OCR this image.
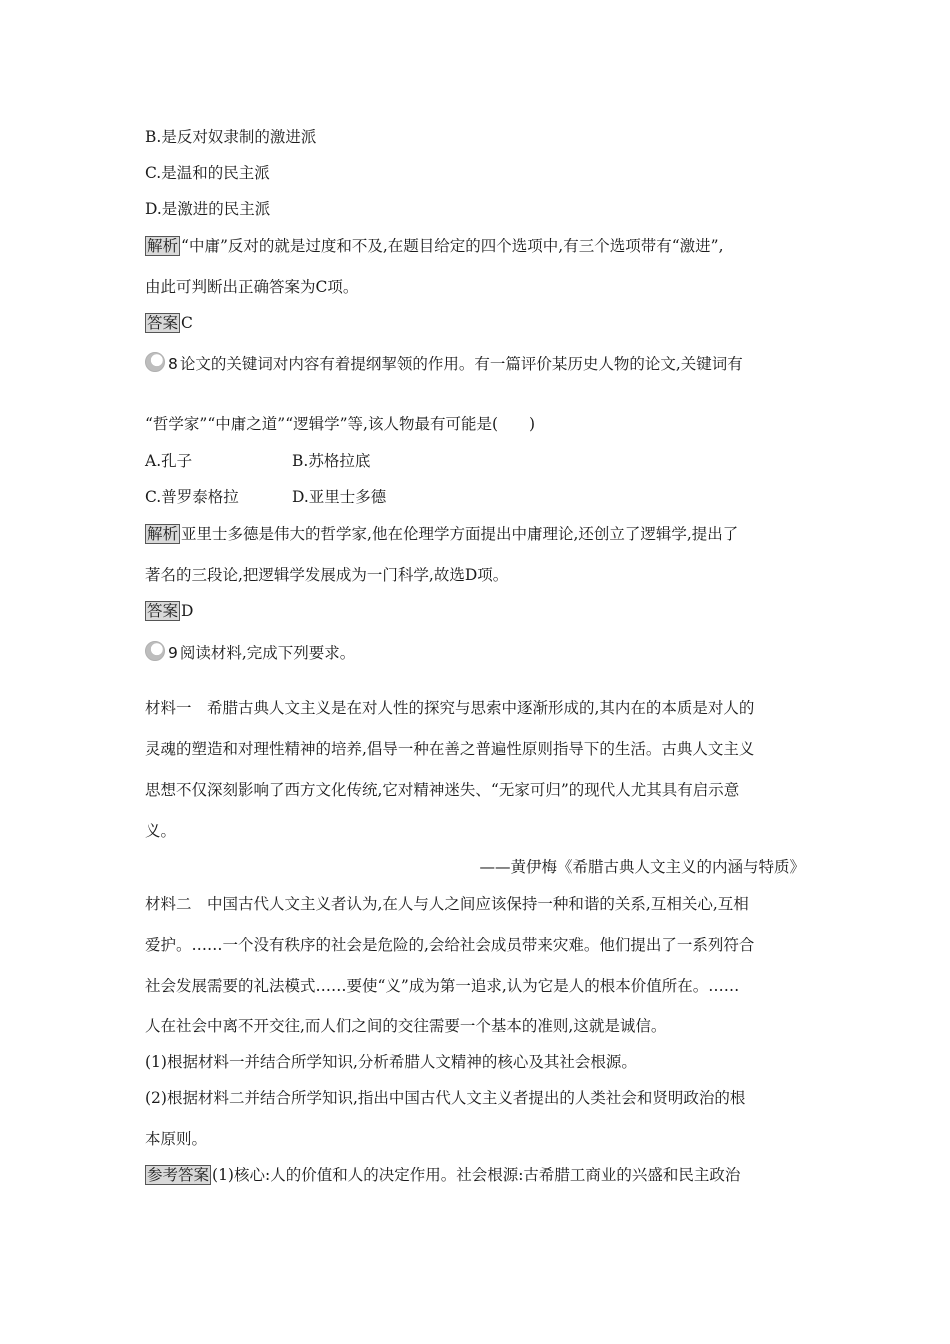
B.是反对奴隶制的激进派
C.是温和的民主派
D.是激进的民主派
解析 “中庸”反对的就是过度和不及,在题目给定的四个选项中,有三个选项带有“激进”,
由此可判断出正确答案为C项。
答案 C
8 论文的关键词对内容有着提纲挈领的作用。有一篇评价某历史人物的论文,关键词有
“哲学家”“中庸之道”“逻辑学”等,该人物最有可能是(　　)
A.孔子	B.苏格拉底
C.普罗泰格拉	D.亚里士多德
解析 亚里士多德是伟大的哲学家,他在伦理学方面提出中庸理论,还创立了逻辑学,提出了
著名的三段论,把逻辑学发展成为一门科学,故选D项。
答案 D
9 阅读材料,完成下列要求。
材料一　希腊古典人文主义是在对人性的探究与思索中逐渐形成的,其内在的本质是对人的
灵魂的塑造和对理性精神的培养,倡导一种在善之普遍性原则指导下的生活。古典人文主义
思想不仅深刻影响了西方文化传统,它对精神迷失、“无家可归”的现代人尤其具有启示意
义。
——黄伊梅《希腊古典人文主义的内涵与特质》
材料二　中国古代人文主义者认为,在人与人之间应该保持一种和谐的关系,互相关心,互相
爱护。……一个没有秩序的社会是危险的,会给社会成员带来灾难。他们提出了一系列符合
社会发展需要的礼法模式……要使“义”成为第一追求,认为它是人的根本价值所在。……
人在社会中离不开交往,而人们之间的交往需要一个基本的准则,这就是诚信。
(1)根据材料一并结合所学知识,分析希腊人文精神的核心及其社会根源。
(2)根据材料二并结合所学知识,指出中国古代人文主义者提出的人类社会和贤明政治的根
本原则。
参考答案 (1)核心:人的价值和人的决定作用。社会根源:古希腊工商业的兴盛和民主政治
